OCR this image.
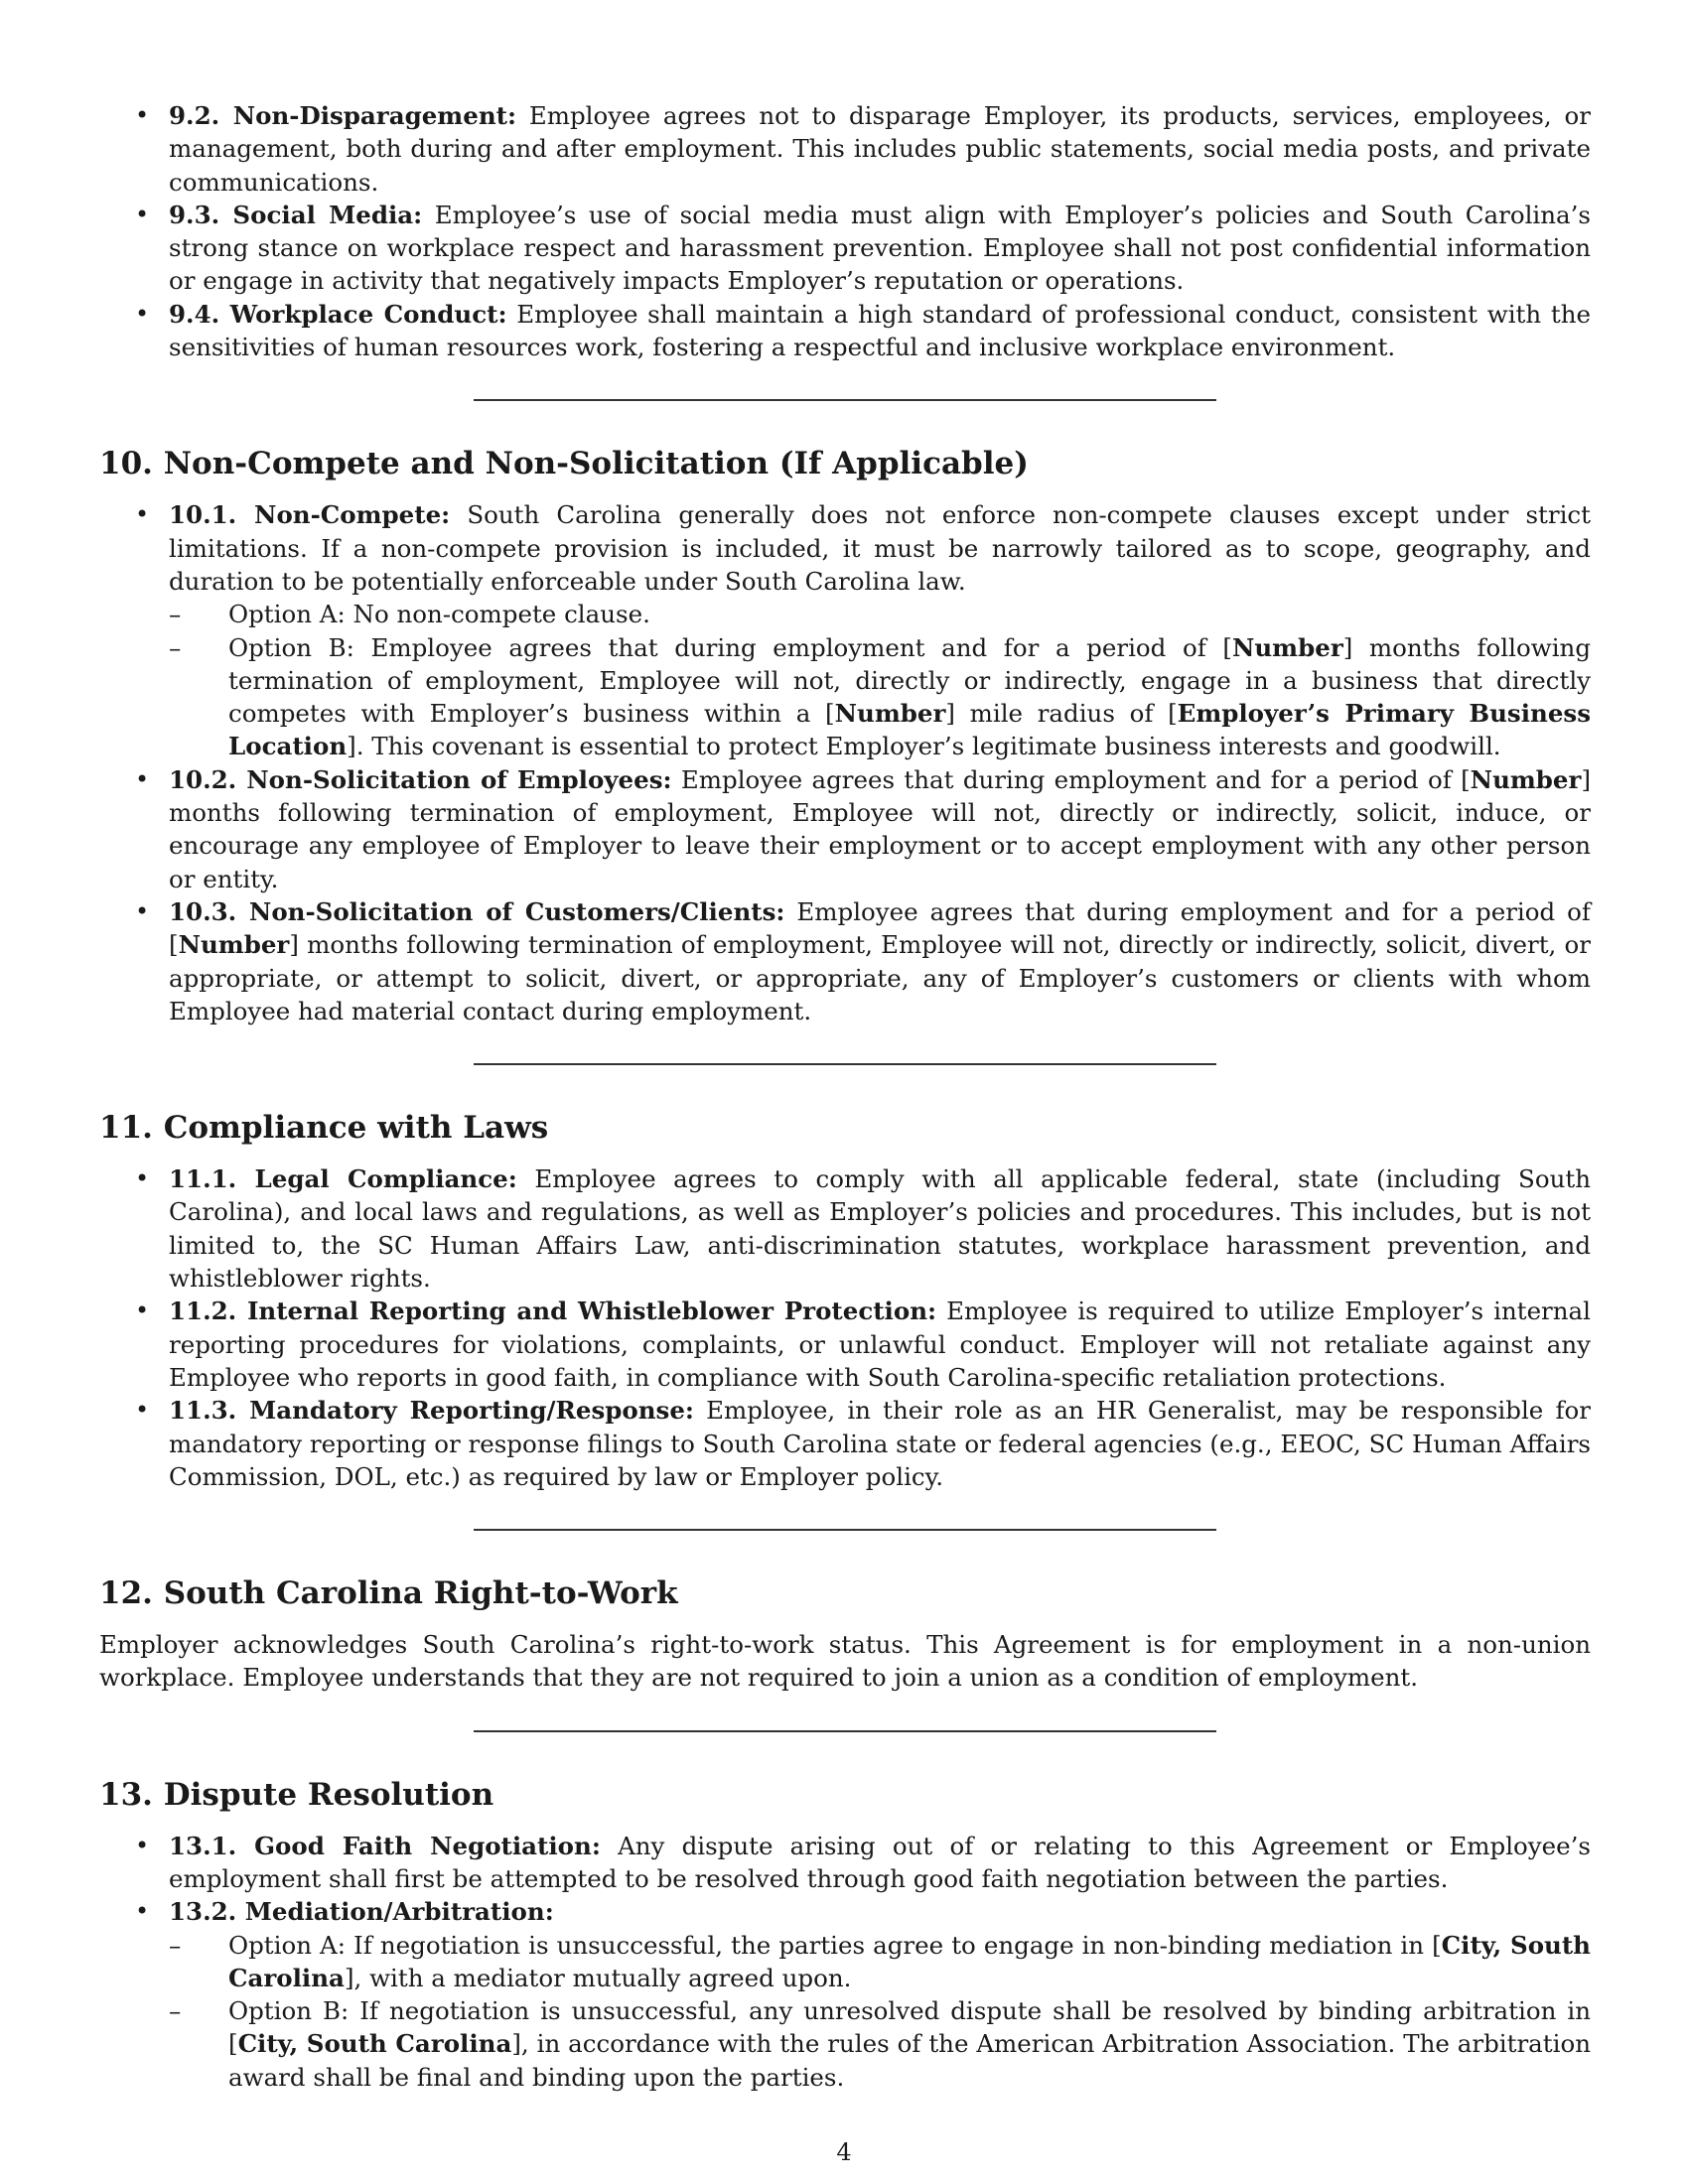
• 9.2. Non-Disparagement: Employee agrees not to disparage Employer, its products, services, employees, or management, both during and after employment. This includes public statements, social media posts, and private communications.
• 9.3. Social Media: Employee’s use of social media must align with Employer’s policies and South Carolina’s strong stance on workplace respect and harassment prevention. Employee shall not post confidential information or engage in activity that negatively impacts Employer’s reputation or operations.
• 9.4. Workplace Conduct: Employee shall maintain a high standard of professional conduct, consistent with the sensitivities of human resources work, fostering a respectful and inclusive workplace environment.
10. Non-Compete and Non-Solicitation (If Applicable)
• 10.1. Non-Compete: South Carolina generally does not enforce non-compete clauses except under strict limitations. If a non-compete provision is included, it must be narrowly tailored as to scope, geography, and duration to be potentially enforceable under South Carolina law.
– Option A: No non-compete clause.
– Option B: Employee agrees that during employment and for a period of [Number] months following termination of employment, Employee will not, directly or indirectly, engage in a business that directly competes with Employer’s business within a [Number] mile radius of [Employer’s Primary Business Location]. This covenant is essential to protect Employer’s legitimate business interests and goodwill.
• 10.2. Non-Solicitation of Employees: Employee agrees that during employment and for a period of [Number] months following termination of employment, Employee will not, directly or indirectly, solicit, induce, or encourage any employee of Employer to leave their employment or to accept employment with any other person or entity.
• 10.3. Non-Solicitation of Customers/Clients: Employee agrees that during employment and for a period of [Number] months following termination of employment, Employee will not, directly or indirectly, solicit, divert, or appropriate, or attempt to solicit, divert, or appropriate, any of Employer’s customers or clients with whom Employee had material contact during employment.
11. Compliance with Laws
• 11.1. Legal Compliance: Employee agrees to comply with all applicable federal, state (including South Carolina), and local laws and regulations, as well as Employer’s policies and procedures. This includes, but is not limited to, the SC Human Affairs Law, anti-discrimination statutes, workplace harassment prevention, and whistleblower rights.
• 11.2. Internal Reporting and Whistleblower Protection: Employee is required to utilize Employer’s internal reporting procedures for violations, complaints, or unlawful conduct. Employer will not retaliate against any Employee who reports in good faith, in compliance with South Carolina-specific retaliation protections.
• 11.3. Mandatory Reporting/Response: Employee, in their role as an HR Generalist, may be responsible for mandatory reporting or response filings to South Carolina state or federal agencies (e.g., EEOC, SC Human Affairs Commission, DOL, etc.) as required by law or Employer policy.
12. South Carolina Right-to-Work

Employer acknowledges South Carolina’s right-to-work status. This Agreement is for employment in a non-union workplace. Employee understands that they are not required to join a union as a condition of employment.

13. Dispute Resolution
• 13.1. Good Faith Negotiation: Any dispute arising out of or relating to this Agreement or Employee’s employment shall first be attempted to be resolved through good faith negotiation between the parties.
• 13.2. Mediation/Arbitration:
– Option A: If negotiation is unsuccessful, the parties agree to engage in non-binding mediation in [City, South Carolina], with a mediator mutually agreed upon.
– Option B: If negotiation is unsuccessful, any unresolved dispute shall be resolved by binding arbitration in [City, South Carolina], in accordance with the rules of the American Arbitration Association. The arbitration award shall be final and binding upon the parties.
4
